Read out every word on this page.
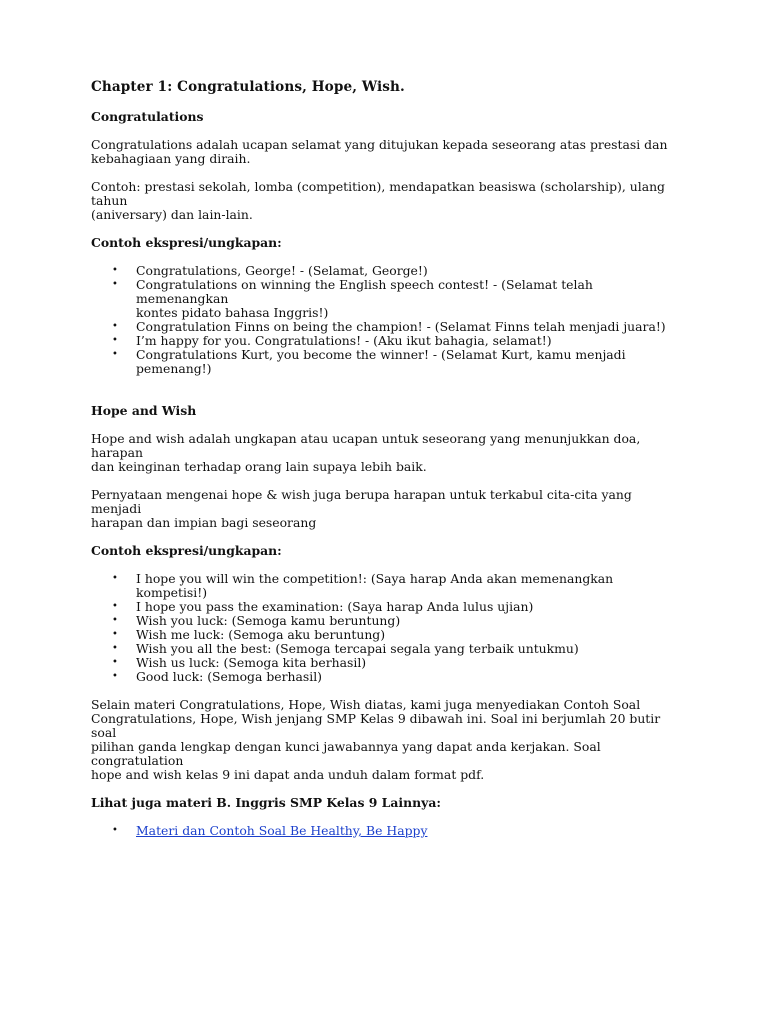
Chapter 1: Congratulations, Hope, Wish.
Congratulations

Congratulations adalah ucapan selamat yang ditujukan kepada seseorang atas prestasi dan
kebahagiaan yang diraih.

Contoh: prestasi sekolah, lomba (competition), mendapatkan beasiswa (scholarship), ulang tahun
(aniversary) dan lain-lain.

Contoh ekspresi/ungkapan:
•	Congratulations, George! - (Selamat, George!)
•	Congratulations on winning the English speech contest! - (Selamat telah memenangkan
kontes pidato bahasa Inggris!)
•	Congratulation Finns on being the champion! - (Selamat Finns telah menjadi juara!)
•	I’m happy for you. Congratulations! - (Aku ikut bahagia, selamat!)
•	Congratulations Kurt, you become the winner! - (Selamat Kurt, kamu menjadi
pemenang!)
Hope and Wish

Hope and wish adalah ungkapan atau ucapan untuk seseorang yang menunjukkan doa, harapan
dan keinginan terhadap orang lain supaya lebih baik.

Pernyataan mengenai hope & wish juga berupa harapan untuk terkabul cita-cita yang menjadi
harapan dan impian bagi seseorang

Contoh ekspresi/ungkapan:
•	I hope you will win the competition!: (Saya harap Anda akan memenangkan kompetisi!)
•	I hope you pass the examination: (Saya harap Anda lulus ujian)
•	Wish you luck: (Semoga kamu beruntung)
•	Wish me luck: (Semoga aku beruntung)
•	Wish you all the best: (Semoga tercapai segala yang terbaik untukmu)
•	Wish us luck: (Semoga kita berhasil)
•	Good luck: (Semoga berhasil)

Selain materi Congratulations, Hope, Wish diatas, kami juga menyediakan Contoh Soal
Congratulations, Hope, Wish jenjang SMP Kelas 9 dibawah ini. Soal ini berjumlah 20 butir soal
pilihan ganda lengkap dengan kunci jawabannya yang dapat anda kerjakan. Soal congratulation
hope and wish kelas 9 ini dapat anda unduh dalam format pdf.

Lihat juga materi B. Inggris SMP Kelas 9 Lainnya:
•	Materi dan Contoh Soal Be Healthy, Be Happy
